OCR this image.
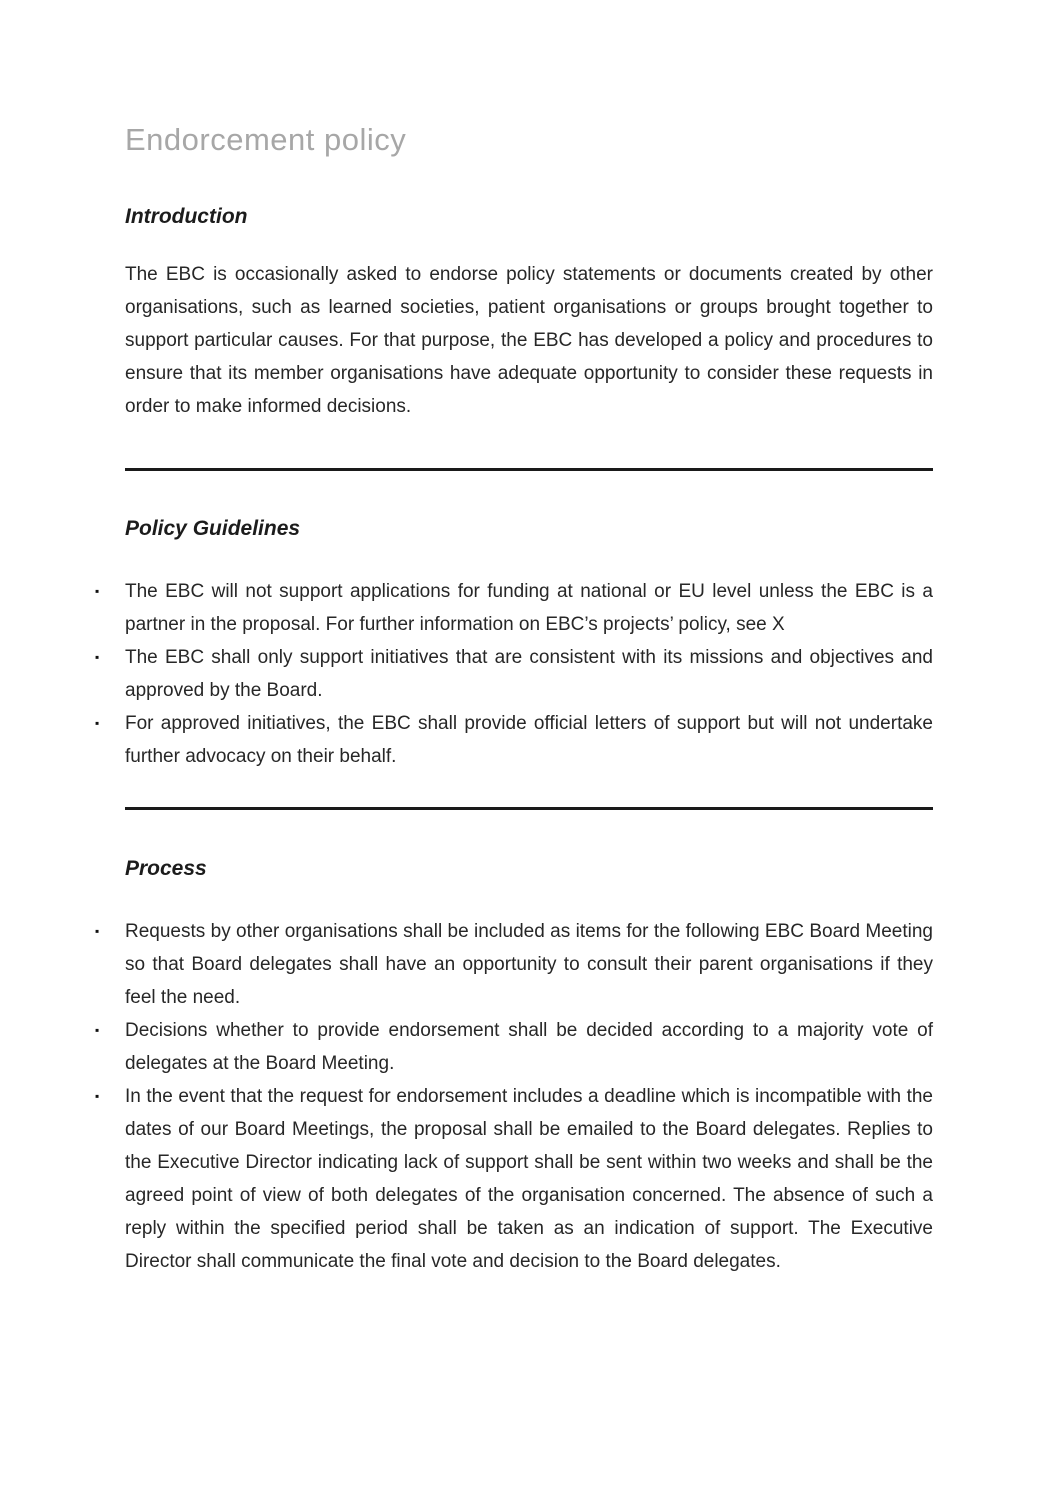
Endorcement policy
Introduction

The EBC is occasionally asked to endorse policy statements or documents created by other organisations, such as learned societies, patient organisations or groups brought together to support particular causes. For that purpose, the EBC has developed a policy and procedures to ensure that its member organisations have adequate opportunity to consider these requests in order to make informed decisions.

Policy Guidelines
▪	The EBC will not support applications for funding at national or EU level unless the EBC is a partner in the proposal. For further information on EBC’s projects’ policy, see X
▪	The EBC shall only support initiatives that are consistent with its missions and objectives and approved by the Board.
▪	For approved initiatives, the EBC shall provide official letters of support but will not undertake further advocacy on their behalf.
Process
▪	Requests by other organisations shall be included as items for the following EBC Board Meeting so that Board delegates shall have an opportunity to consult their parent organisations if they feel the need.
▪	Decisions whether to provide endorsement shall be decided according to a majority vote of delegates at the Board Meeting.
▪	In the event that the request for endorsement includes a deadline which is incompatible with the dates of our Board Meetings, the proposal shall be emailed to the Board delegates. Replies to the Executive Director indicating lack of support shall be sent within two weeks and shall be the agreed point of view of both delegates of the organisation concerned. The absence of such a reply within the specified period shall be taken as an indication of support. The Executive Director shall communicate the final vote and decision to the Board delegates.
